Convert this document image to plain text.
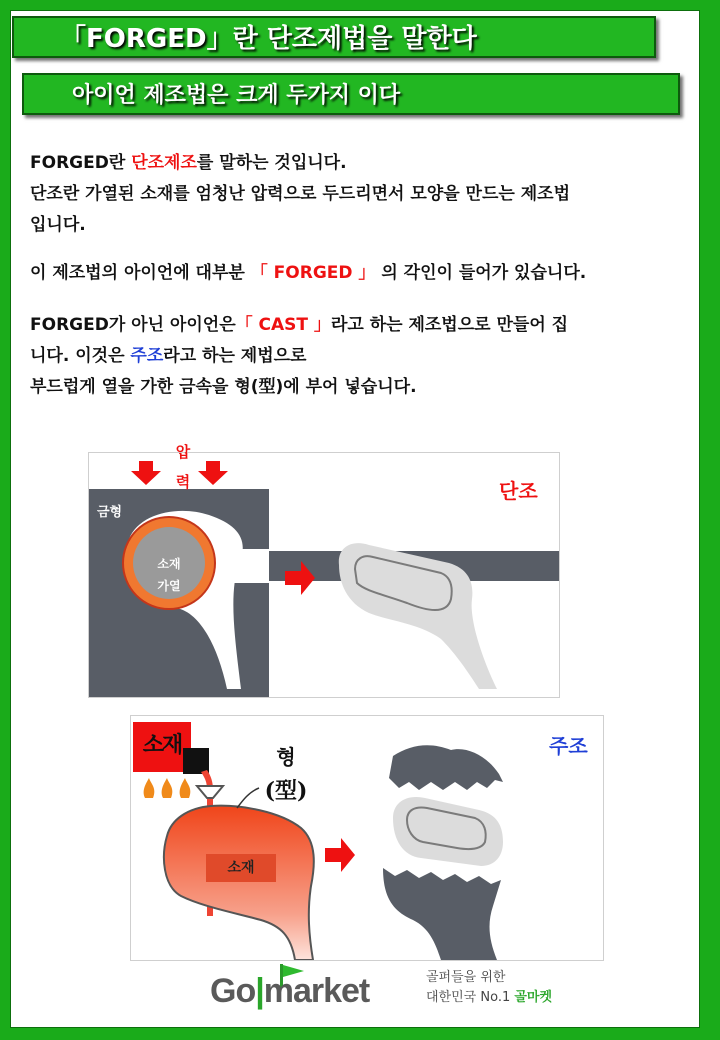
「FORGED」란 단조제법을 말한다
아이언 제조법은 크게 두가지 이다
FORGED란 단조제조를 말하는 것입니다.
단조란 가열된 소재를 엄청난 압력으로 두드리면서 모양을 만드는 제조법
입니다.
이 제조법의 아이언에 대부분 「 FORGED 」 의 각인이 들어가 있습니다.
FORGED가 아닌 아이언은「 CAST 」라고 하는 제조법으로 만들어 집
니다. 이것은 주조라고 하는 제법으로
부드럽게 열을 가한 금속을 형(型)에 부어 넣습니다.
압
력
금형
소재
가열
단조
소재	형
(型)
소재
주조
Go|market	골퍼들을 위한
대한민국 No.1 골마켓
